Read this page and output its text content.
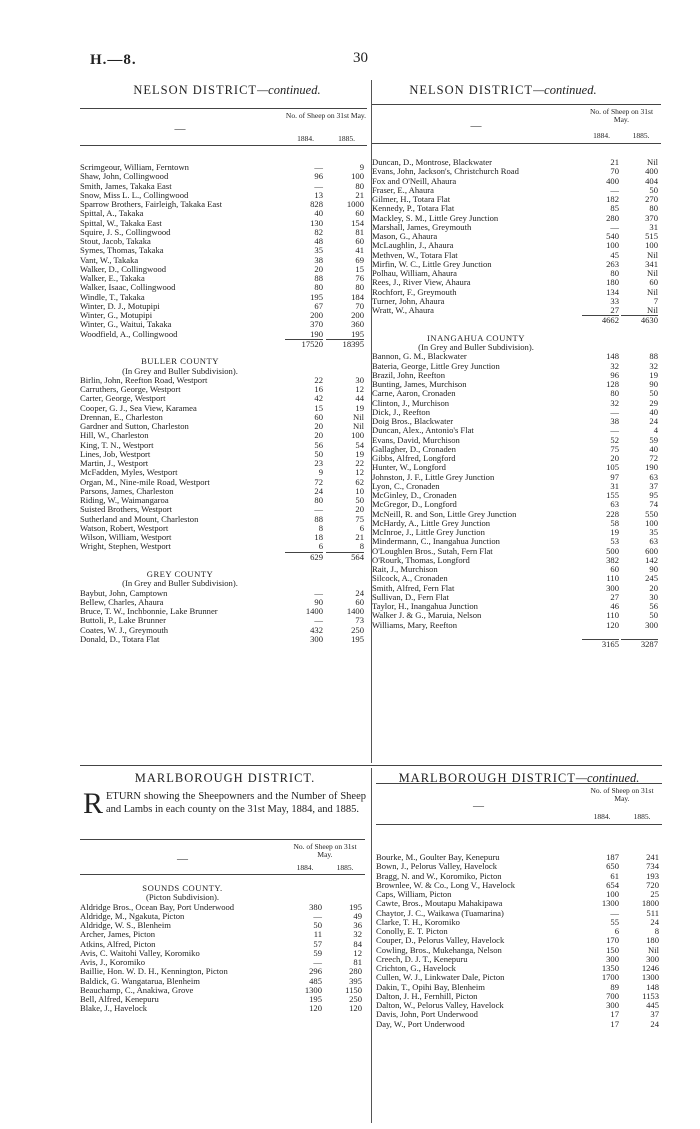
H.—8.	30
NELSON DISTRICT—continued.
—
No. of Sheep on 31st May.
1884.	1885.
Scrimgeour, William, Ferntown	—	9
Shaw, John, Collingwood	96	100
Smith, James, Takaka East	—	80
Snow, Miss L. L., Collingwood	13	21
Sparrow Brothers, Fairleigh, Takaka East	828	1000
Spittal, A., Takaka	40	60
Spittal, W., Takaka East	130	154
Squire, J. S., Collingwood	82	81
Stout, Jacob, Takaka	48	60
Symes, Thomas, Takaka	35	41
Vant, W., Takaka	38	69
Walker, D., Collingwood	20	15
Walker, E., Takaka	88	76
Walker, Isaac, Collingwood	80	80
Windle, T., Takaka	195	184
Winter, D. J., Motupipi	67	70
Winter, G., Motupipi	200	200
Winter, G., Waitui, Takaka	370	360
Woodfield, A., Collingwood	190	195
17520	18395
BULLER COUNTY
(In Grey and Buller Subdivision).
Birlin, John, Reefton Road, Westport	22	30
Carruthers, George, Westport	16	12
Carter, George, Westport	42	44
Cooper, G. J., Sea View, Karamea	15	19
Drennan, E., Charleston	60	Nil
Gardner and Sutton, Charleston	20	Nil
Hill, W., Charleston	20	100
King, T. N., Westport	56	54
Lines, Job, Westport	50	19
Martin, J., Westport	23	22
McFadden, Myles, Westport	9	12
Organ, M., Nine-mile Road, Westport	72	62
Parsons, James, Charleston	24	10
Riding, W., Waimangaroa	80	50
Suisted Brothers, Westport	—	20
Sutherland and Mount, Charleston	88	75
Watson, Robert, Westport	8	6
Wilson, William, Westport	18	21
Wright, Stephen, Westport	6	8
629	564
GREY COUNTY
(In Grey and Buller Subdivision).
Baybut, John, Camptown	—	24
Bellew, Charles, Ahaura	90	60
Bruce, T. W., Inchbonnie, Lake Brunner	1400	1400
Buttoli, P., Lake Brunner	—	73
Coates, W. J., Greymouth	432	250
Donald, D., Totara Flat	300	195
NELSON DISTRICT—continued.
—
No. of Sheep on 31st May.
1884.	1885.
Duncan, D., Montrose, Blackwater	21	Nil
Evans, John, Jackson's, Christchurch Road	70	400
Fox and O'Neill, Ahaura	400	404
Fraser, E., Ahaura	—	50
Gilmer, H., Totara Flat	182	270
Kennedy, P., Totara Flat	85	80
Mackley, S. M., Little Grey Junction	280	370
Marshall, James, Greymouth	—	31
Mason, G., Ahaura	540	515
McLaughlin, J., Ahaura	100	100
Methven, W., Totara Flat	45	Nil
Mirfin, W. C., Little Grey Junction	263	341
Polhau, William, Ahaura	80	Nil
Rees, J., River View, Ahaura	180	60
Rochfort, F., Greymouth	134	Nil
Turner, John, Ahaura	33	7
Wratt, W., Ahaura	27	Nil
4662	4630
INANGAHUA COUNTY
(In Grey and Buller Subdivision).
Bannon, G. M., Blackwater	148	88
Bateria, George, Little Grey Junction	32	32
Brazil, John, Reefton	96	19
Bunting, James, Murchison	128	90
Carne, Aaron, Cronaden	80	50
Clinton, J., Murchison	32	29
Dick, J., Reefton	—	40
Doig Bros., Blackwater	38	24
Duncan, Alex., Antonio's Flat	—	4
Evans, David, Murchison	52	59
Gallagher, D., Cronaden	75	40
Gibbs, Alfred, Longford	20	72
Hunter, W., Longford	105	190
Johnston, J. F., Little Grey Junction	97	63
Lyon, C., Cronaden	31	37
McGinley, D., Cronaden	155	95
McGregor, D., Longford	63	74
McNeill, R. and Son, Little Grey Junction	228	550
McHardy, A., Little Grey Junction	58	100
McInroe, J., Little Grey Junction	19	35
Mindermann, C., Inangahua Junction	53	63
O'Loughlen Bros., Sutah, Fern Flat	500	600
O'Rourk, Thomas, Longford	382	142
Rait, J., Murchison	60	90
Silcock, A., Cronaden	110	245
Smith, Alfred, Fern Flat	300	20
Sullivan, D., Fern Flat	27	30
Taylor, H., Inangahua Junction	46	56
Walker J. & G., Maruia, Nelson	110	50
Williams, Mary, Reefton	120	300
3165	3287
MARLBOROUGH DISTRICT.
RETURN showing the Sheepowners and the Number of Sheep and Lambs in each county on the 31st May, 1884, and 1885.
—
No. of Sheep on 31st May.
1884.	1885.
SOUNDS COUNTY.
(Picton Subdivision).
Aldridge Bros., Ocean Bay, Port Underwood	380	195
Aldridge, M., Ngakuta, Picton	—	49
Aldridge, W. S., Blenheim	50	36
Archer, James, Picton	11	32
Atkins, Alfred, Picton	57	84
Avis, C. Waitohi Valley, Koromiko	59	12
Avis, J., Koromiko	—	81
Baillie, Hon. W. D. H., Kennington, Picton	296	280
Baldick, G. Wangatarua, Blenheim	485	395
Beauchamp, C., Anakiwa, Grove	1300	1150
Bell, Alfred, Kenepuru	195	250
Blake, J., Havelock	120	120
MARLBOROUGH DISTRICT—continued.
—
No. of Sheep on 31st May.
1884.	1885.
Bourke, M., Goulter Bay, Kenepuru	187	241
Bown, J., Pelorus Valley, Havelock	650	734
Bragg, N. and W., Koromiko, Picton	61	193
Brownlee, W. & Co., Long V., Havelock	654	720
Caps, William, Picton	100	25
Cawte, Bros., Moutapu Mahakipawa	1300	1800
Chaytor, J. C., Waikawa (Tuamarina)	—	511
Clarke, T. H., Koromiko	55	24
Conolly, E. T. Picton	6	8
Couper, D., Pelorus Valley, Havelock	170	180
Cowling, Bros., Mukehanga, Nelson	150	Nil
Creech, D. J. T., Kenepuru	300	300
Crichton, G., Havelock	1350	1246
Cullen, W. J., Linkwater Dale, Picton	1700	1300
Dakin, T., Opihi Bay, Blenheim	89	148
Dalton, J. H., Fernhill, Picton	700	1153
Dalton, W., Pelorus Valley, Havelock	300	445
Davis, John, Port Underwood	17	37
Day, W., Port Underwood	17	24
